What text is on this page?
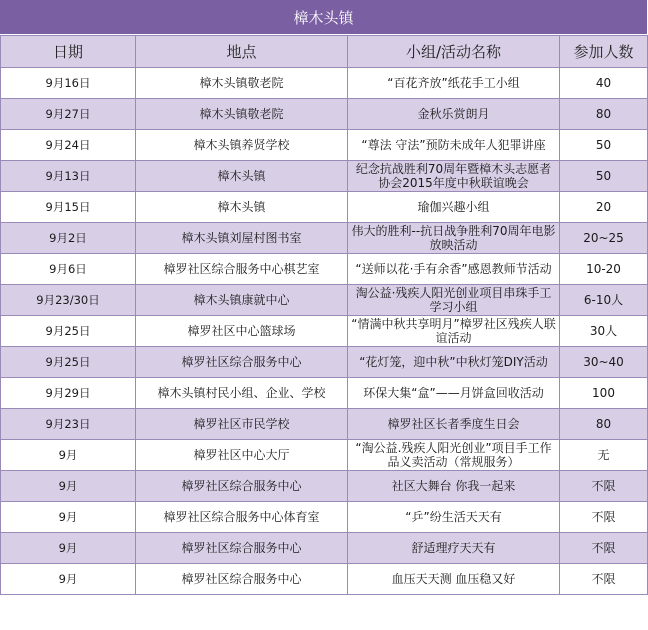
樟木头镇
日期	地点	小组/活动名称	参加人数
9月16日	樟木头镇敬老院	“百花齐放”纸花手工小组	40
9月27日	樟木头镇敬老院	金秋乐赏朗月	80
9月24日	樟木头镇养贤学校	“尊法 守法”预防未成年人犯罪讲座	50
9月13日	樟木头镇	纪念抗战胜利70周年暨樟木头志愿者协会2015年度中秋联谊晚会	50
9月15日	樟木头镇	瑜伽兴趣小组	20
9月2日	樟木头镇刘屋村图书室	伟大的胜利--抗日战争胜利70周年电影放映活动	20~25
9月6日	樟罗社区综合服务中心棋艺室	“送师以花·手有余香”感恩教师节活动	10-20
9月23/30日	樟木头镇康就中心	淘公益·残疾人阳光创业项目串珠手工学习小组	6-10人
9月25日	樟罗社区中心篮球场	“情满中秋共享明月”樟罗社区残疾人联谊活动	30人
9月25日	樟罗社区综合服务中心	“花灯笼，迎中秋”中秋灯笼DIY活动	30~40
9月29日	樟木头镇村民小组、企业、学校	环保大集“盒”——月饼盒回收活动	100
9月23日	樟罗社区市民学校	樟罗社区长者季度生日会	80
9月	樟罗社区中心大厅	“淘公益.残疾人阳光创业”项目手工作品义卖活动（常规服务）	无
9月	樟罗社区综合服务中心	社区大舞台 你我一起来	不限
9月	樟罗社区综合服务中心体育室	“乒”纷生活天天有	不限
9月	樟罗社区综合服务中心	舒适理疗天天有	不限
9月	樟罗社区综合服务中心	血压天天测 血压稳又好	不限
